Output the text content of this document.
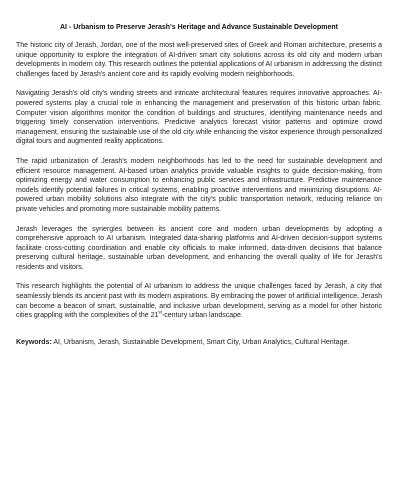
AI - Urbanism to Preserve Jerash's Heritage and Advance Sustainable Development

The historic city of Jerash, Jordan, one of the most well-preserved sites of Greek and Roman architecture, presents a unique opportunity to explore the integration of AI-driven smart city solutions across its old city and modern urban developments in modern city. This research outlines the potential applications of AI urbanism in addressing the distinct challenges faced by Jerash's ancient core and its rapidly evolving modern neighborhoods.

Navigating Jerash's old city's winding streets and intricate architectural features requires innovative approaches. AI-powered systems play a crucial role in enhancing the management and preservation of this historic urban fabric. Computer vision algorithms monitor the condition of buildings and structures, identifying maintenance needs and triggering timely conservation interventions. Predictive analytics forecast visitor patterns and optimize crowd management, ensuring the sustainable use of the old city while enhancing the visitor experience through personalized digital tours and augmented reality applications.

The rapid urbanization of Jerash's modern neighborhoods has led to the need for sustainable development and efficient resource management. AI-based urban analytics provide valuable insights to guide decision-making, from optimizing energy and water consumption to enhancing public services and infrastructure. Predictive maintenance models identify potential failures in critical systems, enabling proactive interventions and minimizing disruptions. AI-powered urban mobility solutions also integrate with the city's public transportation network, reducing reliance on private vehicles and promoting more sustainable mobility patterns.

Jerash leverages the synergies between its ancient core and modern urban developments by adopting a comprehensive approach to AI urbanism. Integrated data-sharing platforms and AI-driven decision-support systems facilitate cross-cutting coordination and enable city officials to make informed, data-driven decisions that balance preserving cultural heritage, sustainable urban development, and enhancing the overall quality of life for Jerash's residents and visitors.

This research highlights the potential of AI urbanism to address the unique challenges faced by Jerash, a city that seamlessly blends its ancient past with its modern aspirations. By embracing the power of artificial intelligence, Jerash can become a beacon of smart, sustainable, and inclusive urban development, serving as a model for other historic cities grappling with the complexities of the 21st-century urban landscape.

Keywords: AI, Urbanism, Jerash, Sustainable Development, Smart City, Urban Analytics, Cultural Heritage.
